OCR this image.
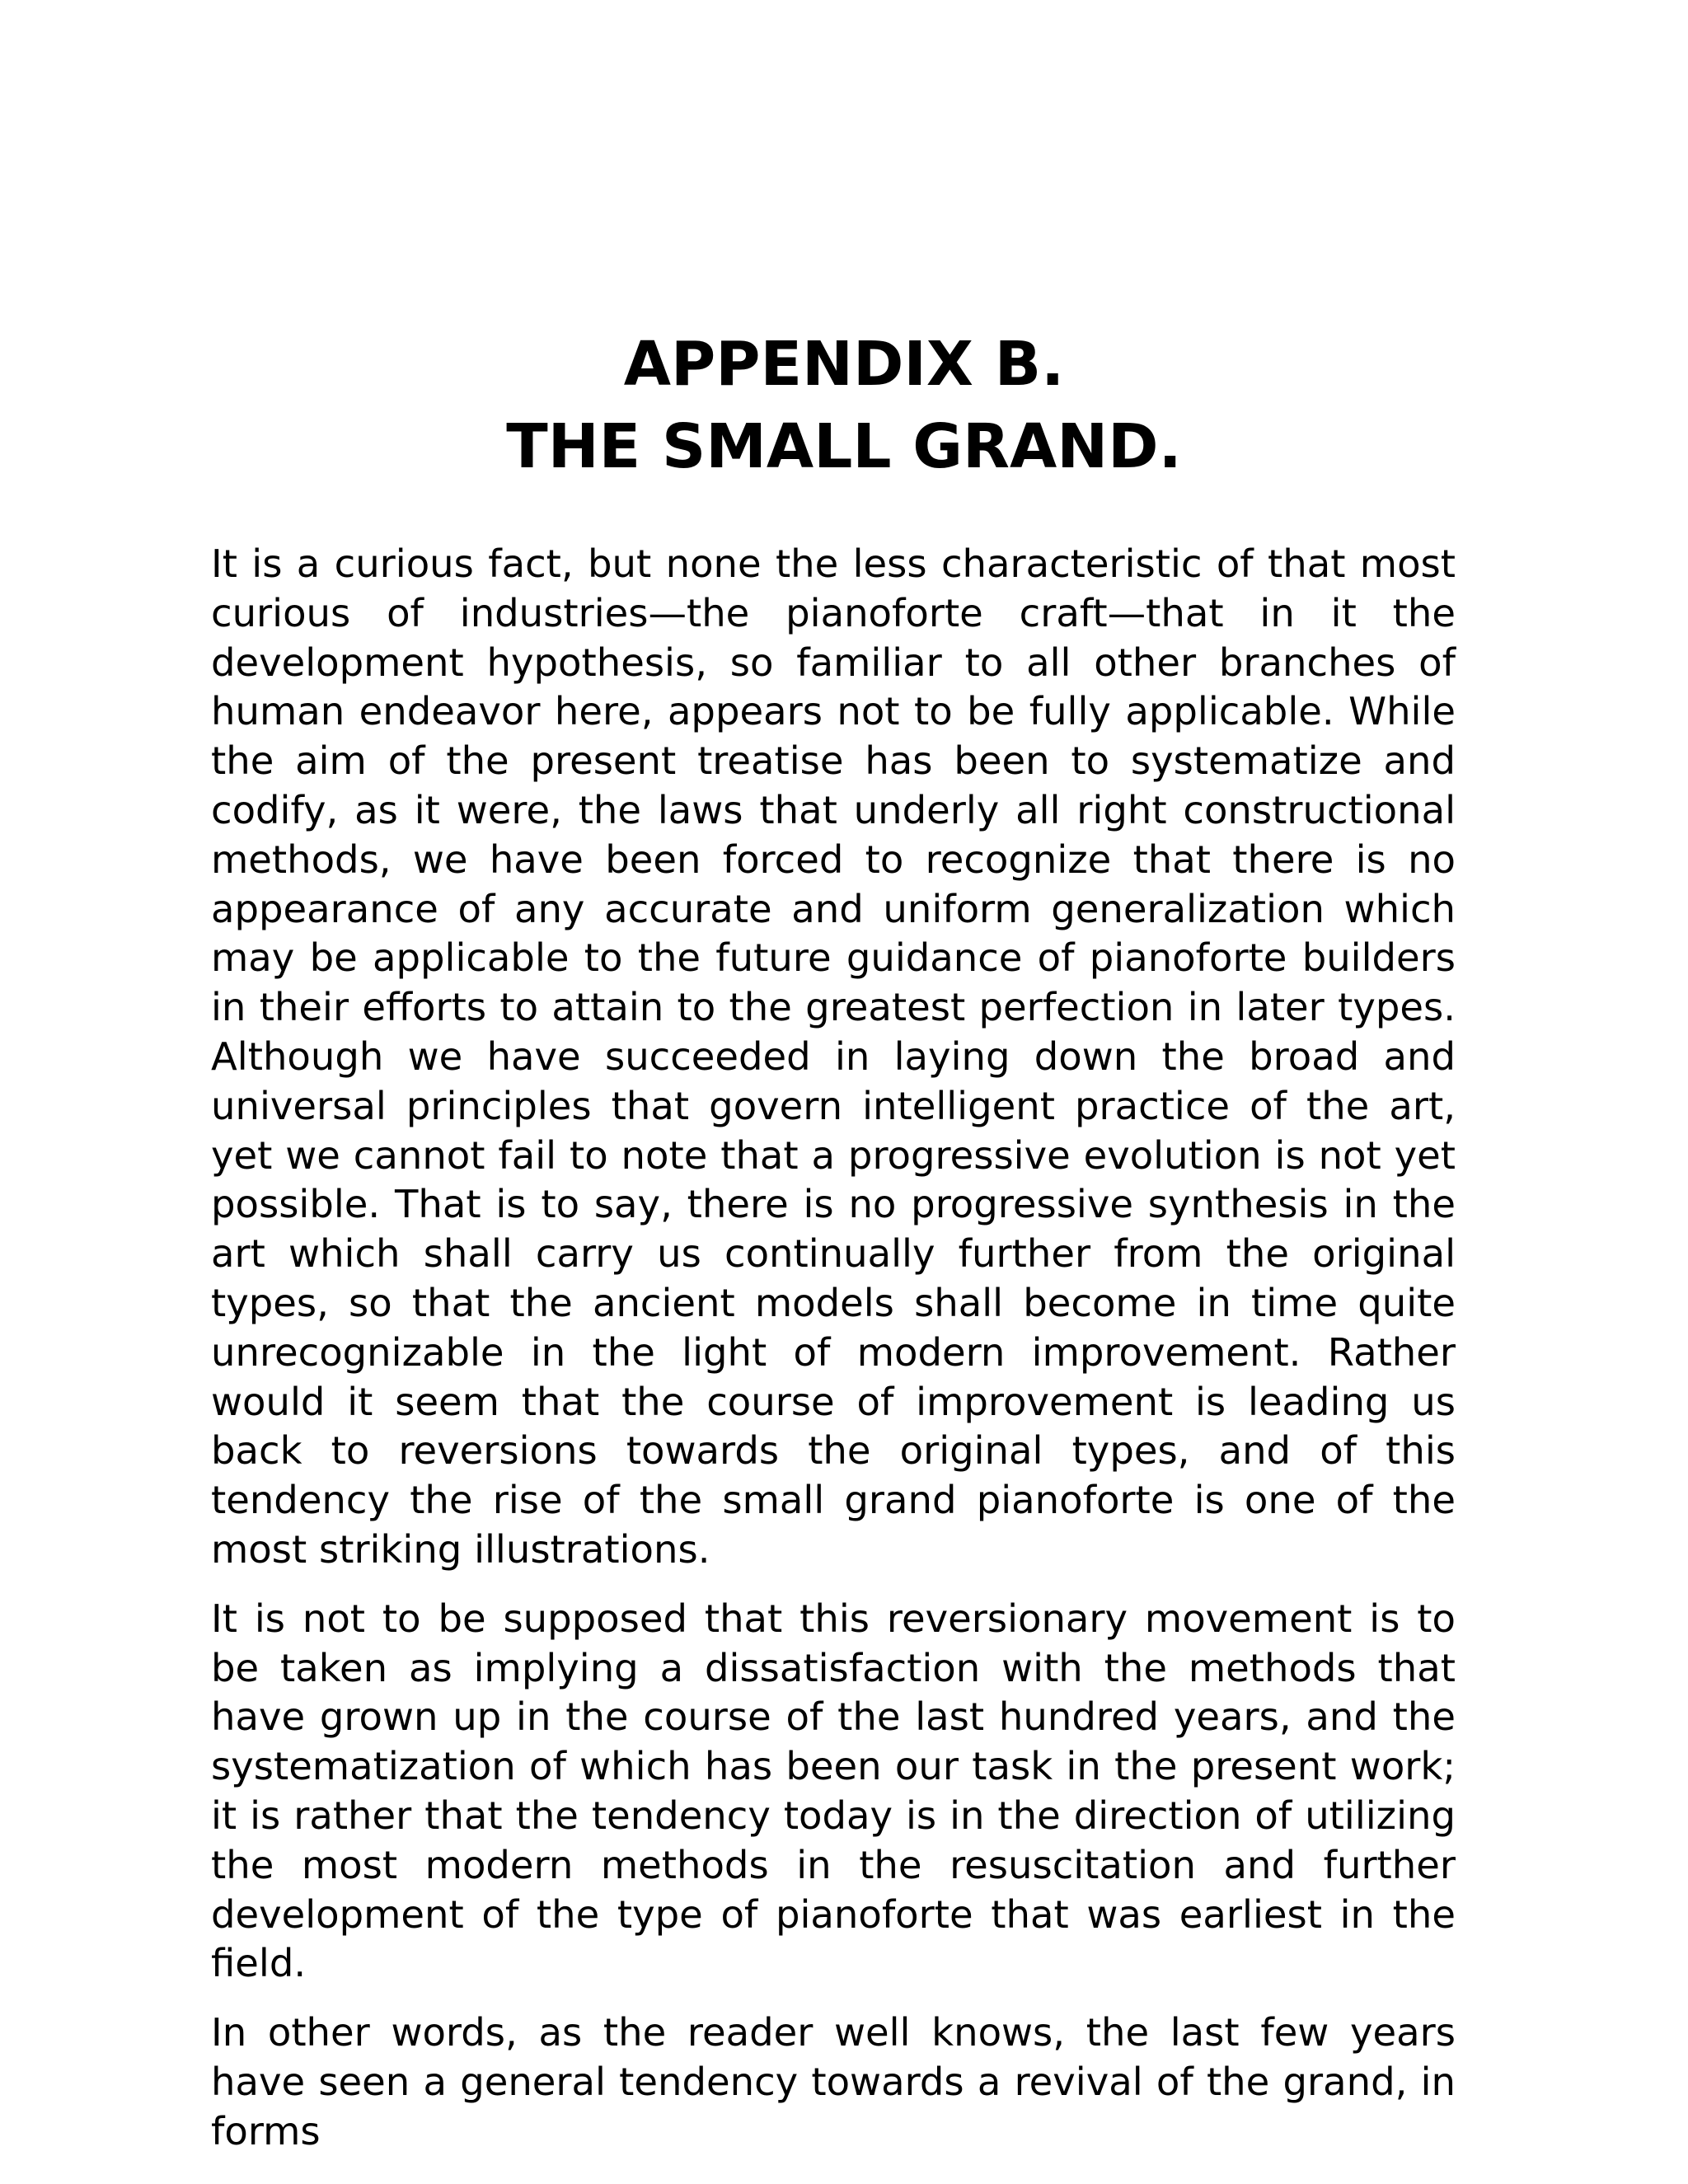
APPENDIX B.
THE SMALL GRAND.

It is a curious fact, but none the less characteristic of that most curious of industries—the pianoforte craft—that in it the development hypothesis, so familiar to all other branches of human endeavor here, appears not to be fully applicable. While the aim of the present treatise has been to systematize and codify, as it were, the laws that underly all right constructional methods, we have been forced to recognize that there is no appearance of any accurate and uniform generalization which may be applicable to the future guidance of pianoforte builders in their efforts to attain to the greatest perfection in later types. Although we have succeeded in laying down the broad and universal principles that govern intelligent practice of the art, yet we cannot fail to note that a progressive evolution is not yet possible. That is to say, there is no progressive synthesis in the art which shall carry us continually further from the original types, so that the ancient models shall become in time quite unrecognizable in the light of modern improvement. Rather would it seem that the course of improvement is leading us back to reversions towards the original types, and of this tendency the rise of the small grand pianoforte is one of the most striking illustrations.

It is not to be supposed that this reversionary movement is to be taken as implying a dissatisfaction with the methods that have grown up in the course of the last hundred years, and the systematization of which has been our task in the present work; it is rather that the tendency today is in the direction of utilizing the most modern methods in the resuscitation and further development of the type of pianoforte that was earliest in the field.

In other words, as the reader well knows, the last few years have seen a general tendency towards a revival of the grand, in forms
